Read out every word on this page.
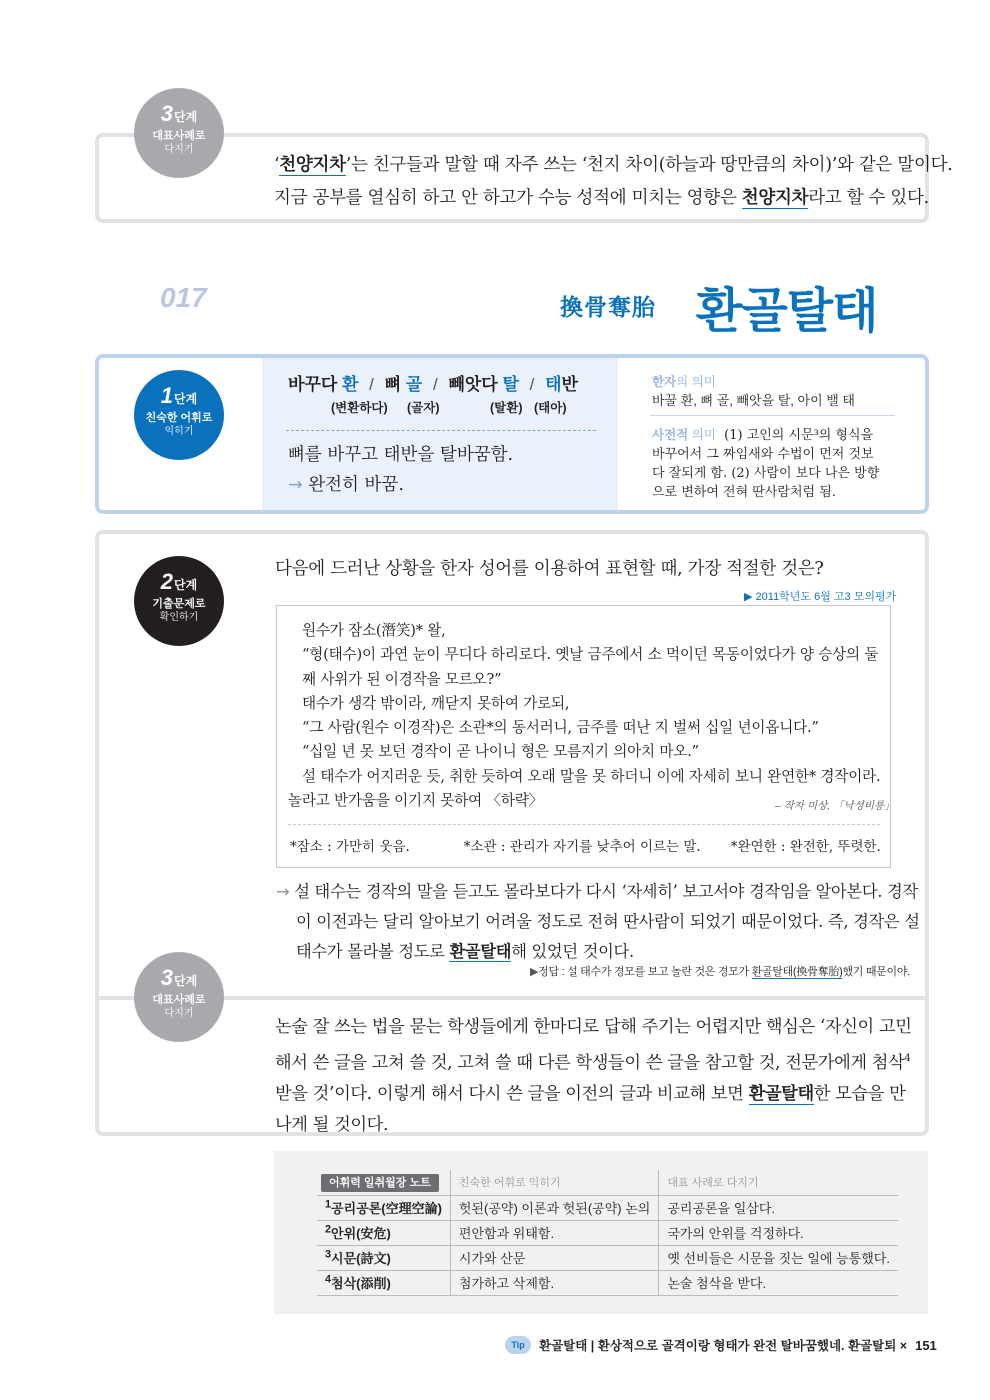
3단계
대표사례로
다지기

‘천양지차’는 친구들과 말할 때 자주 쓰는 ‘천지 차이(하늘과 땅만큼의 차이)’와 같은 말이다.
지금 공부를 열심히 하고 안 하고가 수능 성적에 미치는 영향은 천양지차라고 할 수 있다.

017	換骨奪胎 환골탈태
1단계
친숙한 어휘로
익히기
바꾸다 환 / 뼈 골 / 빼앗다 탈 / 태반
(변환하다) (골자)	(탈환) (태아)
뼈를 바꾸고 태반을 탈바꿈함.
→ 완전히 바꿈.
한자의 의미
바꿀 환, 뼈 골, 빼앗을 탈, 아이 밸 태
사전적 의미 (1) 고인의 시문³의 형식을
바꾸어서 그 짜임새와 수법이 먼저 것보
다 잘되게 함. (2) 사람이 보다 나은 방향
으로 변하여 전혀 딴사람처럼 됨.
2단계
기출문제로
확인하기

다음에 드러난 상황을 한자 성어를 이용하여 표현할 때, 가장 적절한 것은?

▶ 2011학년도 6월 고3 모의평가
원수가 잠소(潛笑)* 왈,
“형(태수)이 과연 눈이 무디다 하리로다. 옛날 금주에서 소 먹이던 목동이었다가 양 승상의 둘
째 사위가 된 이경작을 모르오?”
태수가 생각 밖이라, 깨닫지 못하여 가로되,
“그 사람(원수 이경작)은 소관*의 동서러니, 금주를 떠난 지 벌써 십일 년이옵니다.”
“십일 년 못 보던 경작이 곧 나이니 형은 모름지기 의아치 마오.”
설 태수가 어지러운 듯, 취한 듯하여 오래 말을 못 하더니 이에 자세히 보니 완연한* 경작이라.
놀라고 반가움을 이기지 못하여 〈하략〉	– 작자 미상, 「낙성비룡」
*잠소 : 가만히 웃음.	*소관 : 관리가 자기를 낮추어 이르는 말. *완연한 : 완전한, 뚜렷한.
→ 설 태수는 경작의 말을 듣고도 몰라보다가 다시 ‘자세히’ 보고서야 경작임을 알아본다. 경작
이 이전과는 달리 알아보기 어려울 정도로 전혀 딴사람이 되었기 때문이었다. 즉, 경작은 설
태수가 몰라볼 정도로 환골탈태해 있었던 것이다.
▶정답 : 설 태수가 경모를 보고 놀란 것은 경모가 환골탈태(換骨奪胎)했기 때문이야.
3단계
대표사례로
다지기

논술 잘 쓰는 법을 묻는 학생들에게 한마디로 답해 주기는 어렵지만 핵심은 ‘자신이 고민
해서 쓴 글을 고쳐 쓸 것, 고쳐 쓸 때 다른 학생들이 쓴 글을 참고할 것, 전문가에게 첨삭$^4$
받을 것’이다. 이렇게 해서 다시 쓴 글을 이전의 글과 비교해 보면 환골탈태한 모습을 만
나게 될 것이다.

어휘력 일취월장 노트	친숙한 어휘로 익히기	대표 사례로 다지기
$^1$공리공론(空理空論)	헛된(공약) 이론과 헛된(공약) 논의	공리공론을 일삼다.
$^2$안위(安危)	편안함과 위태함.	국가의 안위를 걱정하다.
$^3$시문(詩文)	시가와 산문	옛 선비들은 시문을 짓는 일에 능통했다.
$^4$첨삭(添削)	첨가하고 삭제함.	논술 첨삭을 받다.
Tip	환골탈태 | 환상적으로 골격이랑 형태가 완전 탈바꿈했네. 환골탈퇴 × 151
